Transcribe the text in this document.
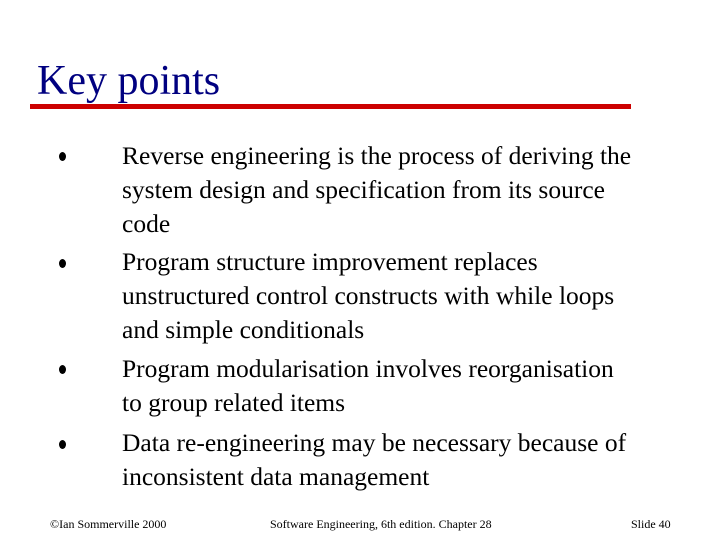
Key points
Reverse engineering is the process of deriving the
system design and specification from its source
code
Program structure improvement replaces
unstructured control constructs with while loops
and simple conditionals
Program modularisation involves reorganisation
to group related items
Data re-engineering may be necessary because of
inconsistent data management
©Ian Sommerville 2000	Software Engineering, 6th edition. Chapter 28	Slide 40
